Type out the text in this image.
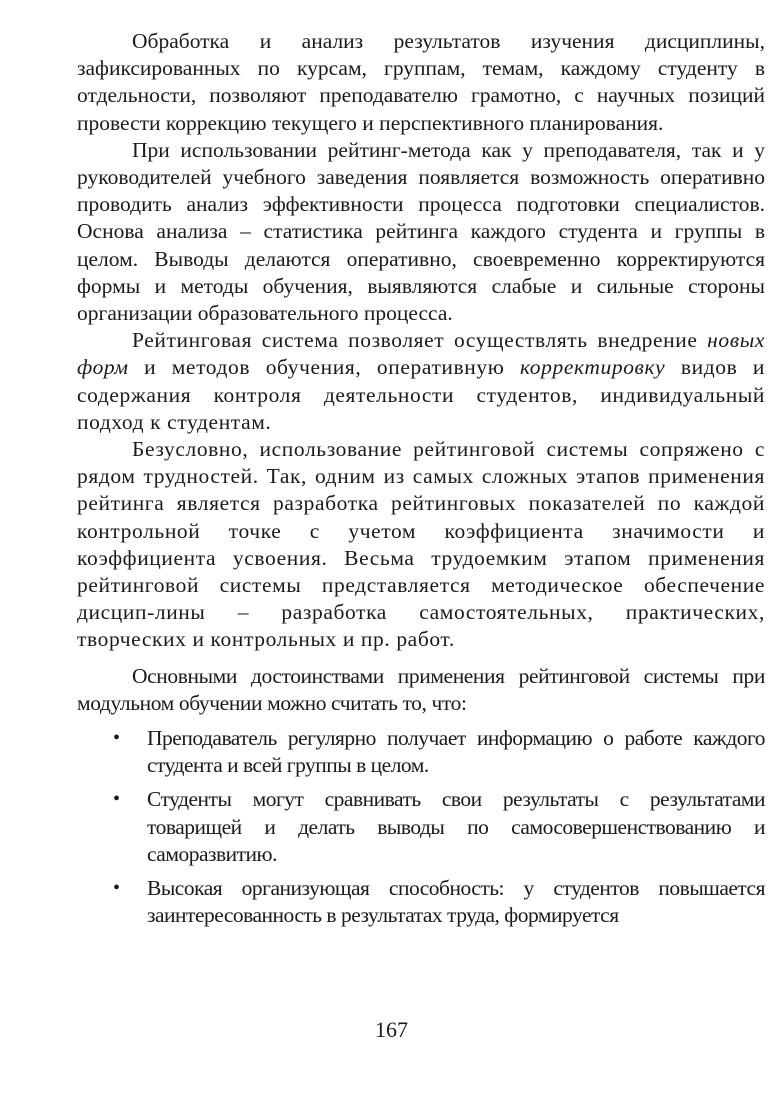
Обработка и анализ результатов изучения дисциплины, зафиксированных по курсам, группам, темам, каждому студенту в отдельности, позволяют преподавателю грамотно, с научных позиций провести коррекцию текущего и перспективного планирования.

При использовании рейтинг-метода как у преподавателя, так и у руководителей учебного заведения появляется возможность оперативно проводить анализ эффективности процесса подготовки специалистов. Основа анализа – статистика рейтинга каждого студента и группы в целом. Выводы делаются оперативно, своевременно корректируются формы и методы обучения, выявляются слабые и сильные стороны организации образовательного процесса.

Рейтинговая система позволяет осуществлять внедрение новых форм и методов обучения, оперативную корректировку видов и содержания контроля деятельности студентов, индивидуальный подход к студентам.

Безусловно, использование рейтинговой системы сопряжено с рядом трудностей. Так, одним из самых сложных этапов применения рейтинга является разработка рейтинговых показателей по каждой контрольной точке с учетом коэффициента значимости и коэффициента усвоения. Весьма трудоемким этапом применения рейтинговой системы представляется методическое обеспечение дисцип-лины – разработка самостоятельных, практических, творческих и контрольных и пр. работ.

Основными достоинствами применения рейтинговой системы при модульном обучении можно считать то, что:

• Преподаватель регулярно получает информацию о работе каждого студента и всей группы в целом.
• Студенты могут сравнивать свои результаты с результатами товарищей и делать выводы по самосовершенствованию и саморазвитию.
• Высокая организующая способность: у студентов повышается заинтересованность в результатах труда, формируется
167
